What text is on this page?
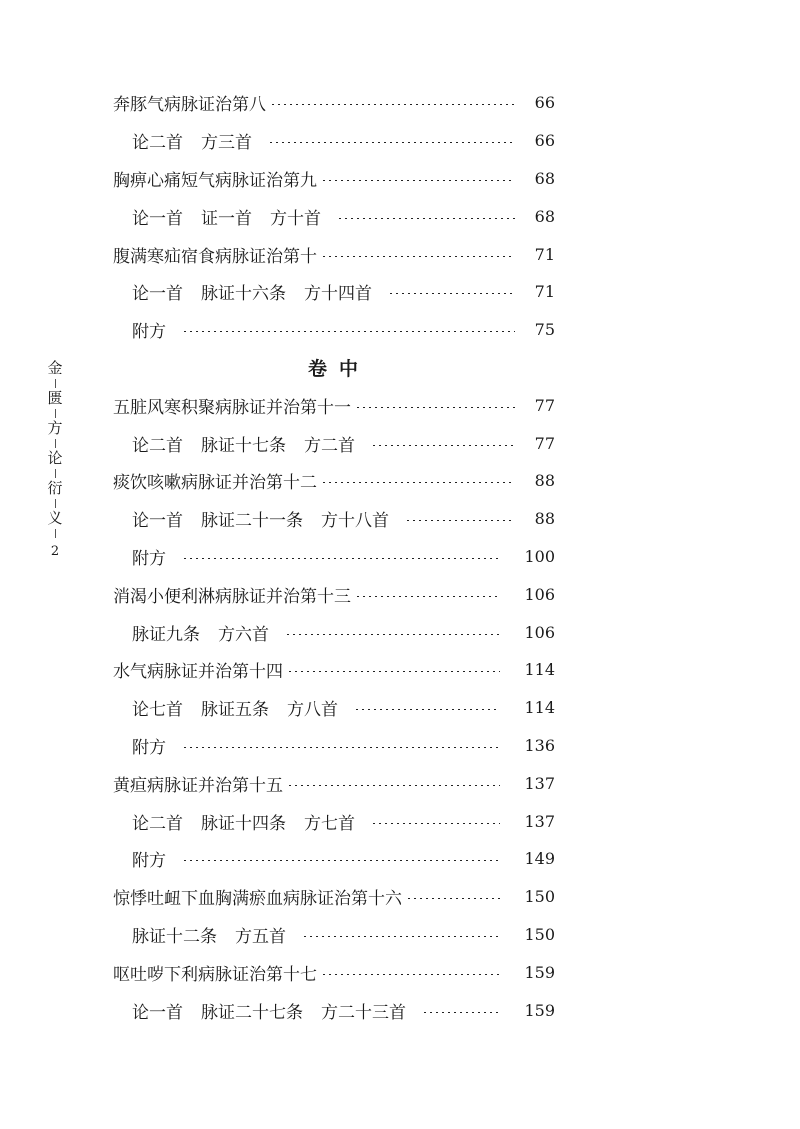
金
匮
方
论
衍
义
2
奔豚气病脉证治第八	66
论二首 方三首	66
胸痹心痛短气病脉证治第九	68
论一首 证一首 方十首	68
腹满寒疝宿食病脉证治第十	71
论一首 脉证十六条 方十四首	71
附方	75
卷中
五脏风寒积聚病脉证并治第十一	77
论二首 脉证十七条 方二首	77
痰饮咳嗽病脉证并治第十二	88
论一首 脉证二十一条 方十八首	88
附方	100
消渴小便利淋病脉证并治第十三	106
脉证九条 方六首	106
水气病脉证并治第十四	114
论七首 脉证五条 方八首	114
附方	136
黄疸病脉证并治第十五	137
论二首 脉证十四条 方七首	137
附方	149
惊悸吐衄下血胸满瘀血病脉证治第十六	150
脉证十二条 方五首	150
呕吐哕下利病脉证治第十七	159
论一首 脉证二十七条 方二十三首	159
